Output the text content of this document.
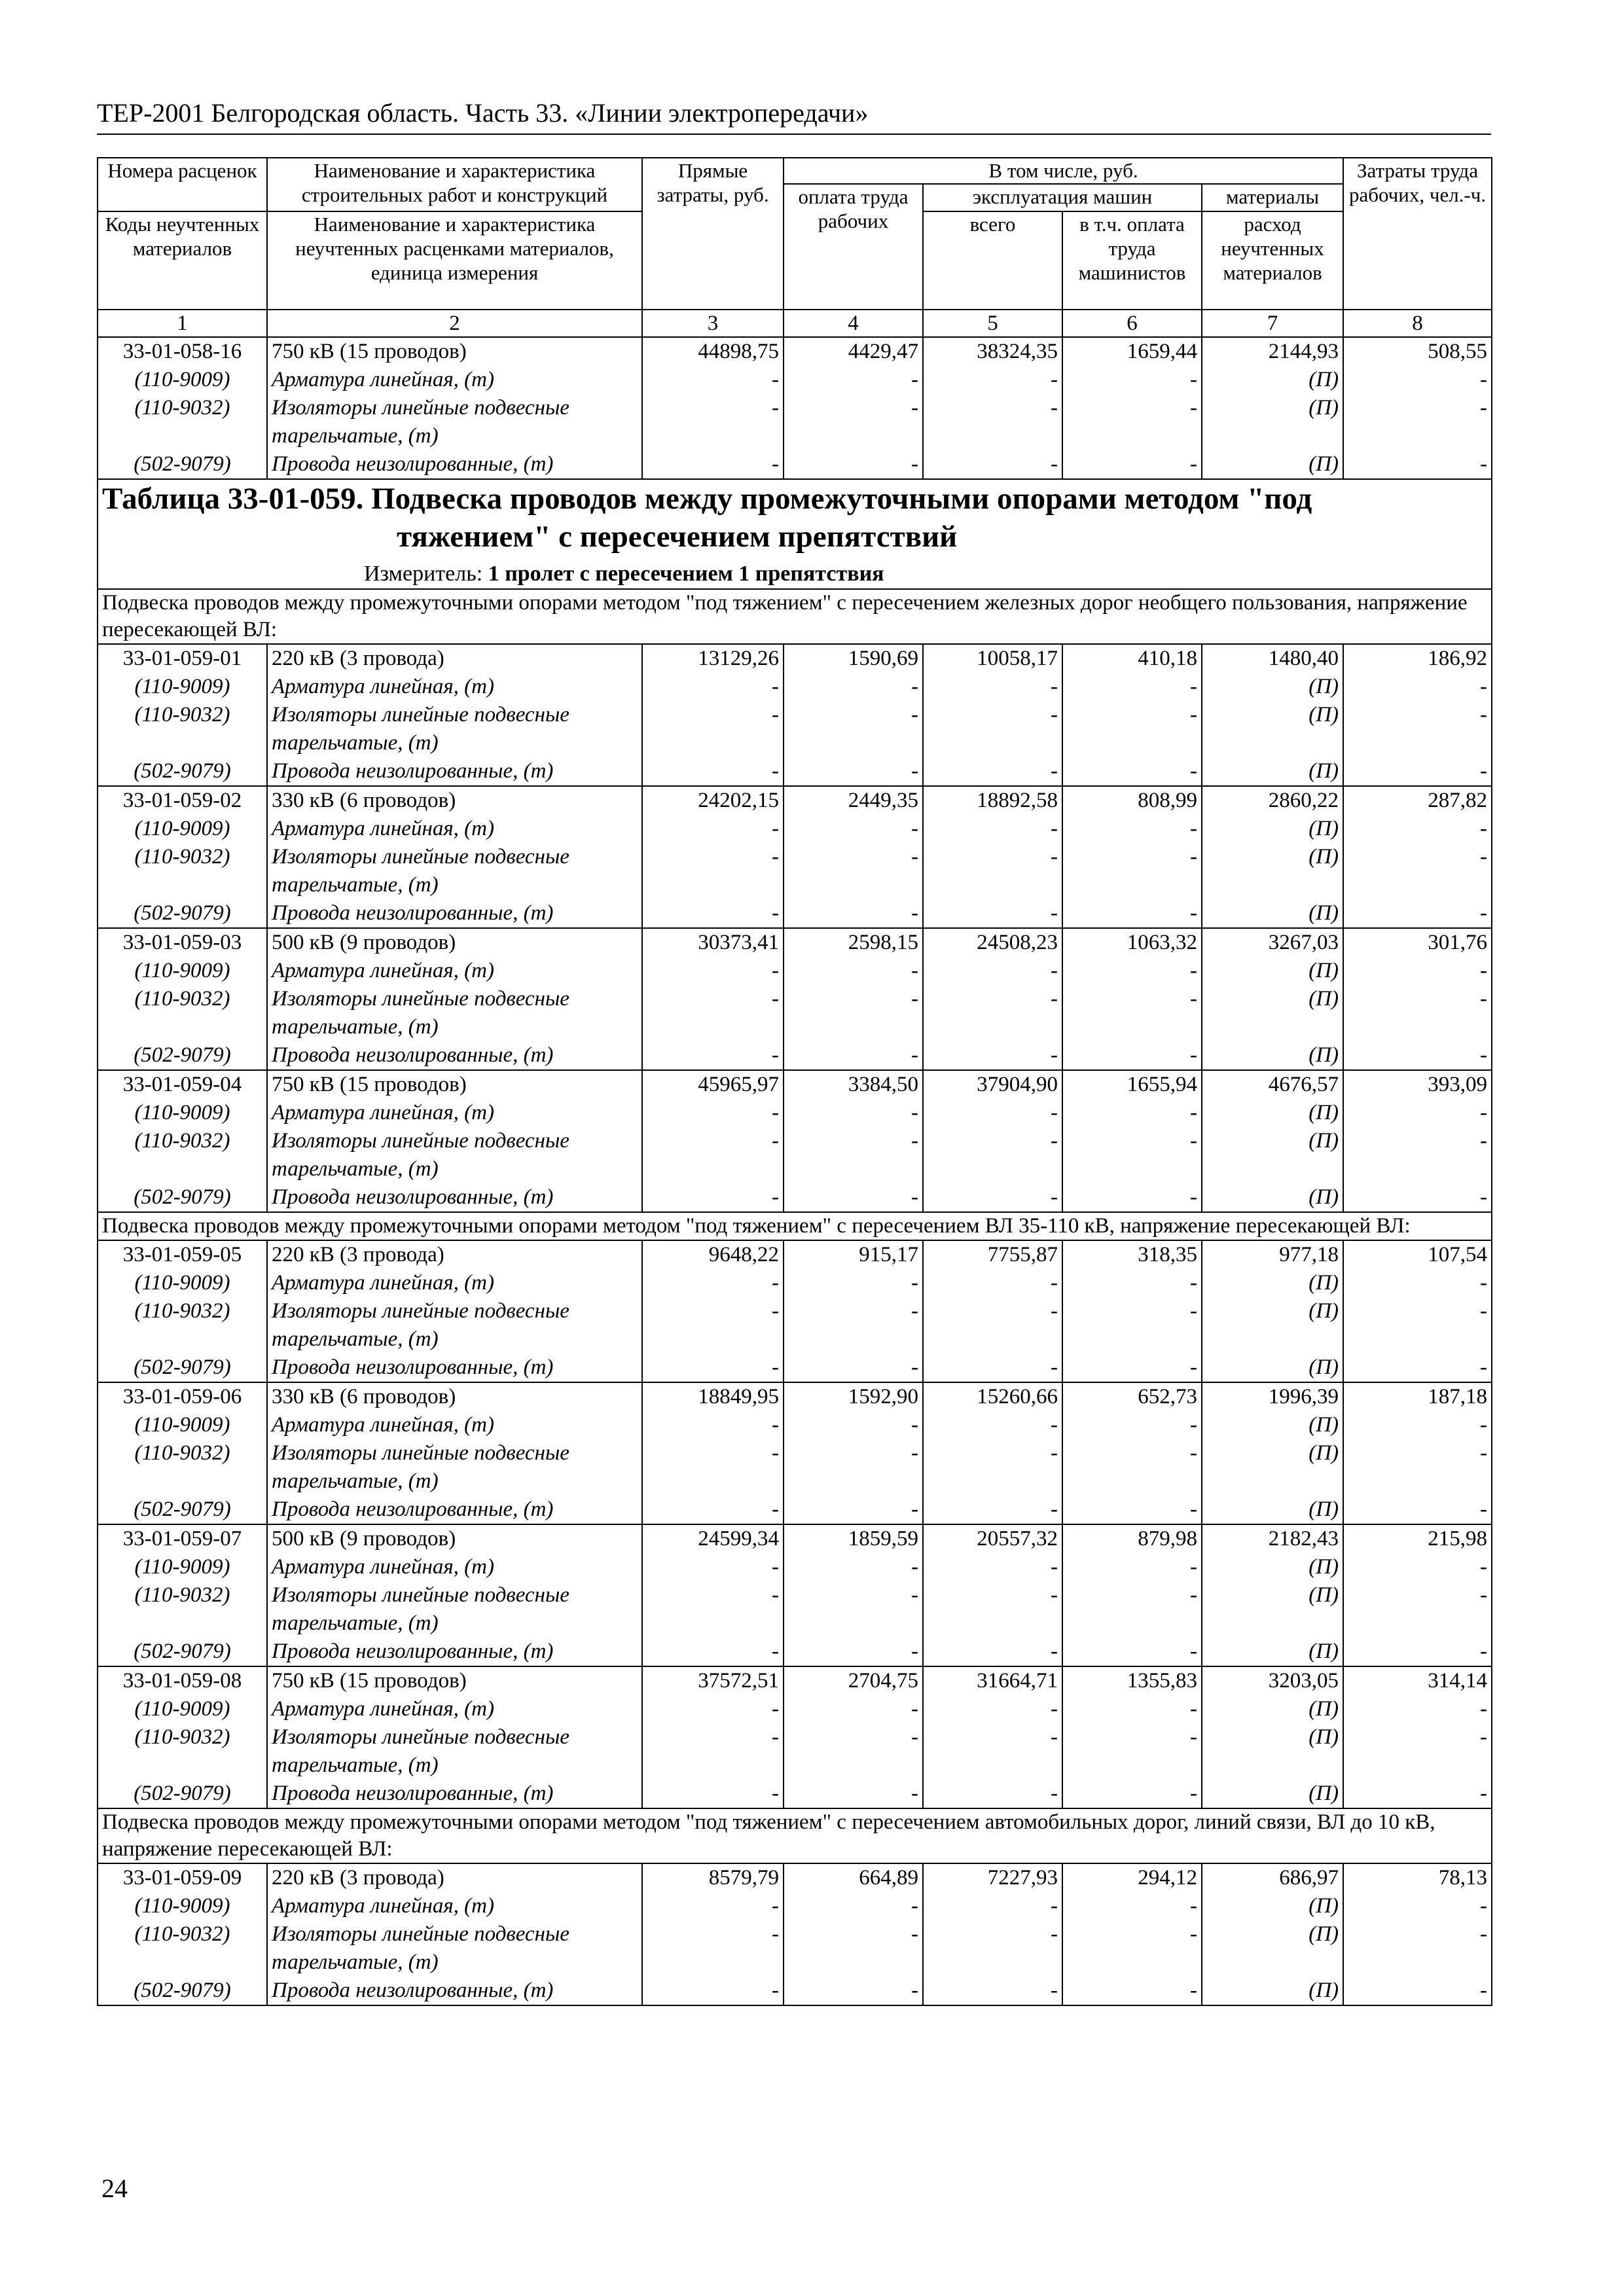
ТЕР-2001 Белгородская область. Часть 33. «Линии электропередачи»
Номера расценок	Наименование и характеристика строительных работ и конструкций	Прямые затраты, руб.	В том числе, руб.				Затраты труда рабочих, чел.-ч.
			оплата труда рабочих	эксплуатация машин		материалы	
Коды неучтенных материалов	Наименование и характеристика неучтенных расценками материалов, единица измерения			всего	в т.ч. оплата труда машинистов	расход неучтенных материалов	

1	2	3	4	5	6	7	8
33-01-058-16	750 кВ (15 проводов)	44898,75	4429,47	38324,35	1659,44	2144,93	508,55
(110-9009)	Арматура линейная, (т)	-	-	-	-	(П)	-
(110-9032)	Изоляторы линейные подвесные	-	-	-	-	(П)	-
	тарельчатые, (т)						
(502-9079)	Провода неизолированные, (т)	-	-	-	-	(П)	-

Таблица 33-01-059. Подвеска проводов между промежуточными опорами методом "под
тяжением" с пересечением препятствий
Измеритель: 1 пролет с пересечением 1 препятствия							

Подвеска проводов между промежуточными опорами методом "под тяжением" с пересечением железных дорог необщего пользования, напряжение пересекающей ВЛ:							
33-01-059-01	220 кВ (3 провода)	13129,26	1590,69	10058,17	410,18	1480,40	186,92
(110-9009)	Арматура линейная, (т)	-	-	-	-	(П)	-
(110-9032)	Изоляторы линейные подвесные	-	-	-	-	(П)	-
	тарельчатые, (т)						
(502-9079)	Провода неизолированные, (т)	-	-	-	-	(П)	-
33-01-059-02	330 кВ (6 проводов)	24202,15	2449,35	18892,58	808,99	2860,22	287,82
(110-9009)	Арматура линейная, (т)	-	-	-	-	(П)	-
(110-9032)	Изоляторы линейные подвесные	-	-	-	-	(П)	-
	тарельчатые, (т)						
(502-9079)	Провода неизолированные, (т)	-	-	-	-	(П)	-
33-01-059-03	500 кВ (9 проводов)	30373,41	2598,15	24508,23	1063,32	3267,03	301,76
(110-9009)	Арматура линейная, (т)	-	-	-	-	(П)	-
(110-9032)	Изоляторы линейные подвесные	-	-	-	-	(П)	-
	тарельчатые, (т)						
(502-9079)	Провода неизолированные, (т)	-	-	-	-	(П)	-
33-01-059-04	750 кВ (15 проводов)	45965,97	3384,50	37904,90	1655,94	4676,57	393,09
(110-9009)	Арматура линейная, (т)	-	-	-	-	(П)	-
(110-9032)	Изоляторы линейные подвесные	-	-	-	-	(П)	-
	тарельчатые, (т)						
(502-9079)	Провода неизолированные, (т)	-	-	-	-	(П)	-
Подвеска проводов между промежуточными опорами методом "под тяжением" с пересечением ВЛ 35-110 кВ, напряжение пересекающей ВЛ:							
33-01-059-05	220 кВ (3 провода)	9648,22	915,17	7755,87	318,35	977,18	107,54
(110-9009)	Арматура линейная, (т)	-	-	-	-	(П)	-
(110-9032)	Изоляторы линейные подвесные	-	-	-	-	(П)	-
	тарельчатые, (т)						
(502-9079)	Провода неизолированные, (т)	-	-	-	-	(П)	-
33-01-059-06	330 кВ (6 проводов)	18849,95	1592,90	15260,66	652,73	1996,39	187,18
(110-9009)	Арматура линейная, (т)	-	-	-	-	(П)	-
(110-9032)	Изоляторы линейные подвесные	-	-	-	-	(П)	-
	тарельчатые, (т)						
(502-9079)	Провода неизолированные, (т)	-	-	-	-	(П)	-
33-01-059-07	500 кВ (9 проводов)	24599,34	1859,59	20557,32	879,98	2182,43	215,98
(110-9009)	Арматура линейная, (т)	-	-	-	-	(П)	-
(110-9032)	Изоляторы линейные подвесные	-	-	-	-	(П)	-
	тарельчатые, (т)						
(502-9079)	Провода неизолированные, (т)	-	-	-	-	(П)	-
33-01-059-08	750 кВ (15 проводов)	37572,51	2704,75	31664,71	1355,83	3203,05	314,14
(110-9009)	Арматура линейная, (т)	-	-	-	-	(П)	-
(110-9032)	Изоляторы линейные подвесные	-	-	-	-	(П)	-
	тарельчатые, (т)						
(502-9079)	Провода неизолированные, (т)	-	-	-	-	(П)	-
Подвеска проводов между промежуточными опорами методом "под тяжением" с пересечением автомобильных дорог, линий связи, ВЛ до 10 кВ, напряжение пересекающей ВЛ:							
33-01-059-09	220 кВ (3 провода)	8579,79	664,89	7227,93	294,12	686,97	78,13
(110-9009)	Арматура линейная, (т)	-	-	-	-	(П)	-
(110-9032)	Изоляторы линейные подвесные	-	-	-	-	(П)	-
	тарельчатые, (т)						
(502-9079)	Провода неизолированные, (т)	-	-	-	-	(П)	-
24
